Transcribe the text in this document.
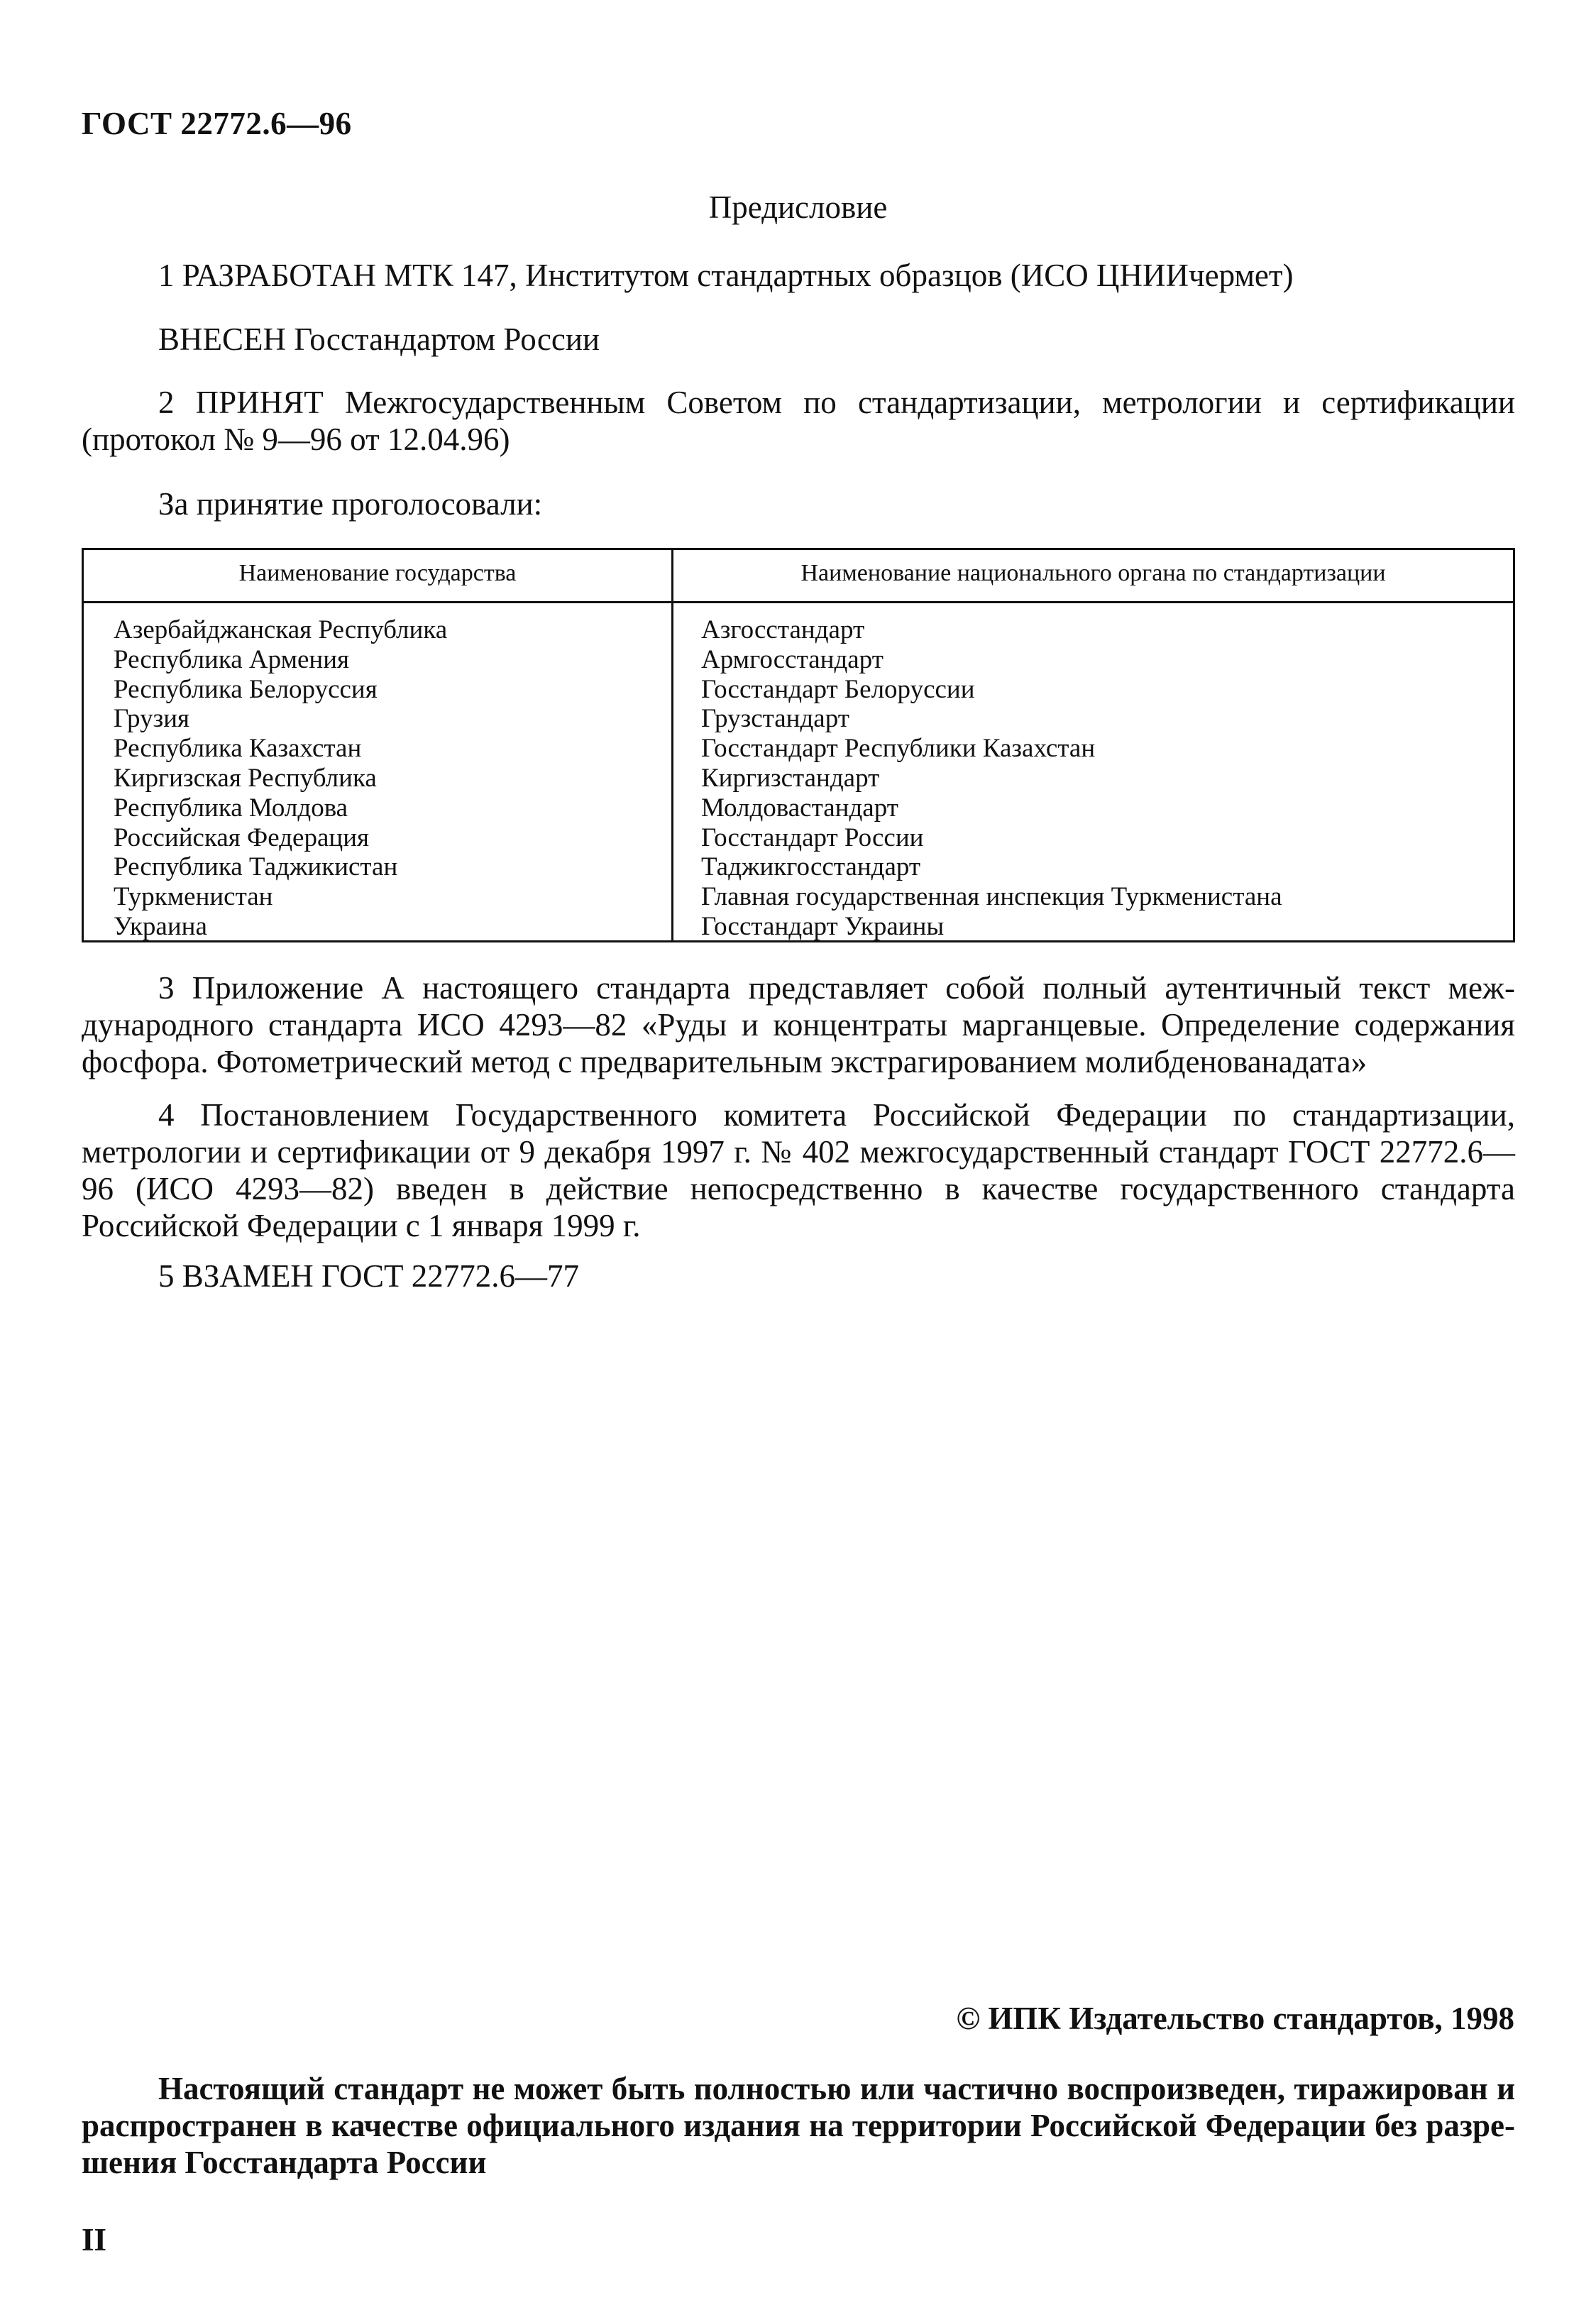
ГОСТ 22772.6—96
Предисловие
1 РАЗРАБОТАН МТК 147, Институтом стандартных образцов (ИСО ЦНИИчермет)
ВНЕСЕН Госстандартом России
2 ПРИНЯТ Межгосударственным Советом по стандартизации, метрологии и сертификации (протокол № 9—96 от 12.04.96)
За принятие проголосовали:
Наименование государства	Наименование национального органа по стандартизации
Азербайджанская Республика
Республика Армения
Республика Белоруссия
Грузия
Республика Казахстан
Киргизская Республика
Республика Молдова
Российская Федерация
Республика Таджикистан
Туркменистан
Украина
Азгосстандарт
Армгосстандарт
Госстандарт Белоруссии
Грузстандарт
Госстандарт Республики Казахстан
Киргизстандарт
Молдовастандарт
Госстандарт России
Таджикгосстандарт
Главная государственная инспекция Туркменистана
Госстандарт Украины
3 Приложение А настоящего стандарта представляет собой полный аутентичный текст меж-дународного стандарта ИСО 4293—82 «Руды и концентраты марганцевые. Определение содержания фосфора. Фотометрический метод с предварительным экстрагированием молибденованадата»
4 Постановлением Государственного комитета Российской Федерации по стандартизации, метрологии и сертификации от 9 декабря 1997 г. № 402 межгосударственный стандарт ГОСТ 22772.6—96 (ИСО 4293—82) введен в действие непосредственно в качестве государственного стандарта Российской Федерации с 1 января 1999 г.
5 ВЗАМЕН ГОСТ 22772.6—77
© ИПК Издательство стандартов, 1998
Настоящий стандарт не может быть полностью или частично воспроизведен, тиражирован и распространен в качестве официального издания на территории Российской Федерации без разре-шения Госстандарта России
II
